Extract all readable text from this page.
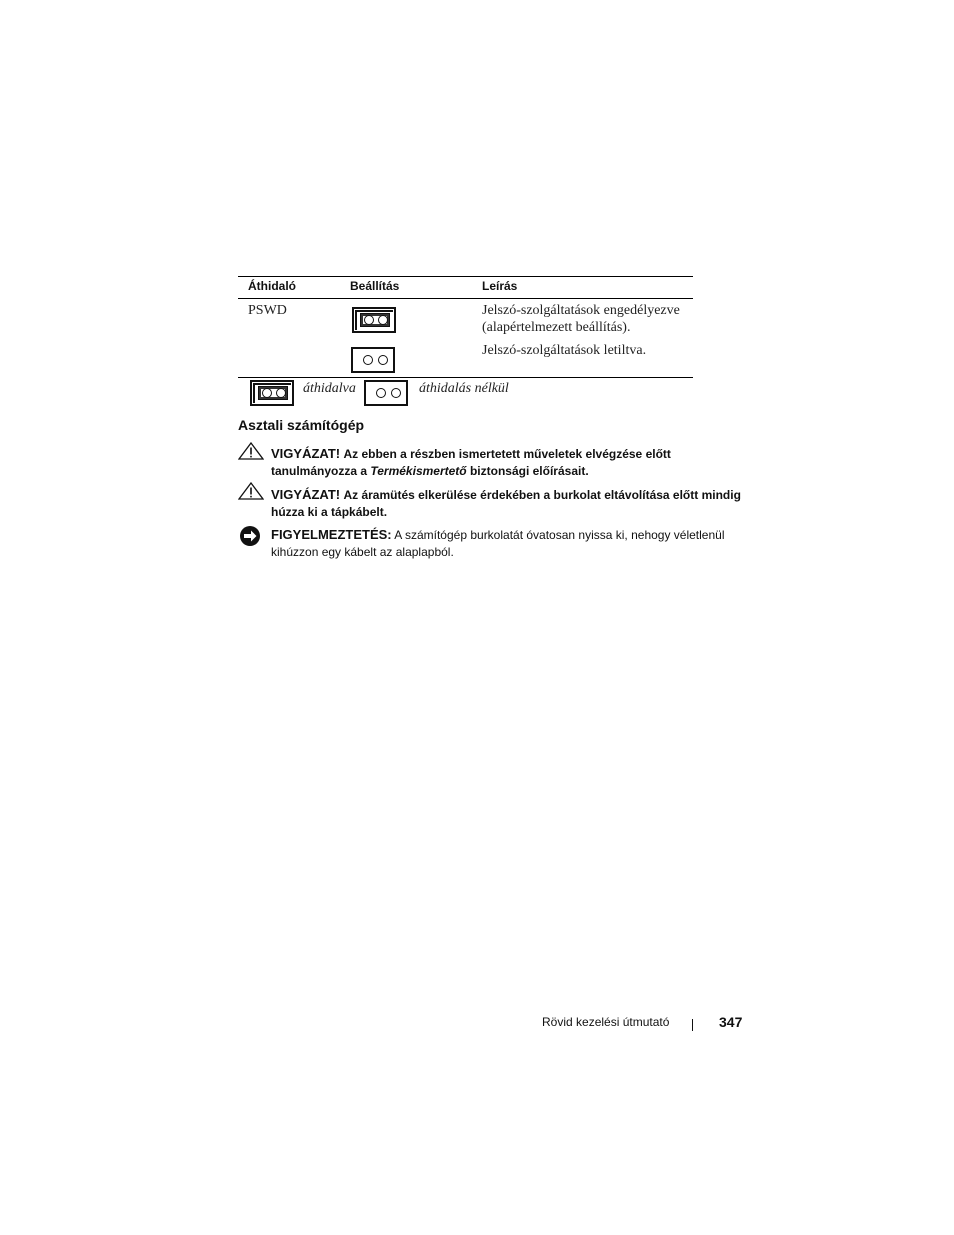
Áthidaló	Beállítás	Leírás
PSWD	Jelszó-szolgáltatások engedélyezve (alapértelmezett beállítás).
Jelszó-szolgáltatások letiltva.
áthidalva	áthidalás nélkül
Asztali számítógép
VIGYÁZAT! Az ebben a részben ismertetett műveletek elvégzése előtt tanulmányozza a Termékismertető biztonsági előírásait.
VIGYÁZAT! Az áramütés elkerülése érdekében a burkolat eltávolítása előtt mindig húzza ki a tápkábelt.
FIGYELMEZTETÉS: A számítógép burkolatát óvatosan nyissa ki, nehogy véletlenül kihúzzon egy kábelt az alaplapból.
Rövid kezelési útmutató	347
